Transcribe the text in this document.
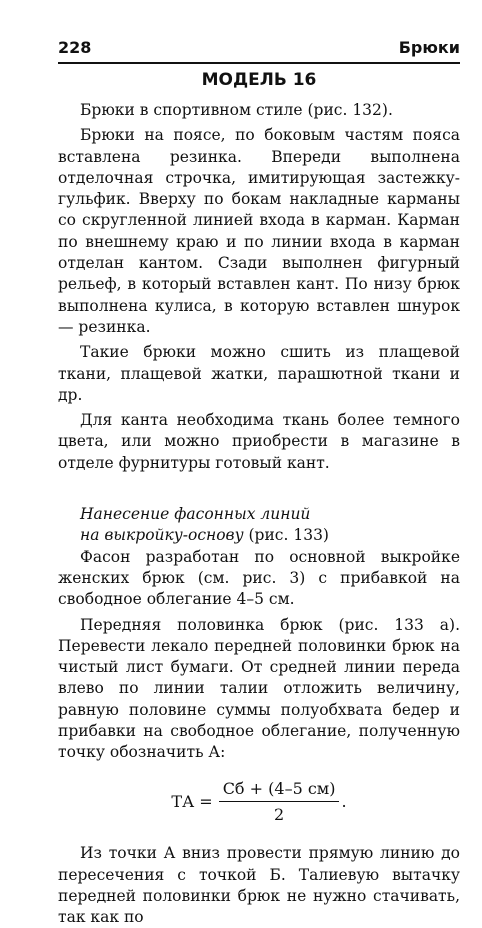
228	Брюки
МОДЕЛЬ 16

Брюки в спортивном стиле (рис. 132).

Брюки на поясе, по боковым частям пояса вставлена резинка. Впереди выполнена отделочная строчка, имитирующая застежку-гульфик. Вверху по бокам накладные карманы со скругленной линией входа в карман. Карман по внешнему краю и по линии входа в карман отделан кантом. Сзади выполнен фигурный рельеф, в который вставлен кант. По низу брюк выполнена кулиса, в которую вставлен шнурок — резинка.

Такие брюки можно сшить из плащевой ткани, плащевой жатки, парашютной ткани и др.

Для канта необходима ткань более темного цвета, или можно приобрести в магазине в отделе фурнитуры готовый кант.

Нанесение фасонных линий
на выкройку-основу (рис. 133)

Фасон разработан по основной выкройке женских брюк (см. рис. 3) с прибавкой на свободное облегание 4–5 см.

Передняя половинка брюк (рис. 133 а). Перевести лекало передней половинки брюк на чистый лист бумаги. От средней линии переда влево по линии талии отложить величину, равную половине суммы полуобхвата бедер и прибавки на свободное облегание, полученную точку обозначить А:

ТА = $\frac{Сб + (4-5 см)}{2}$ .

Из точки А вниз провести прямую линию до пересечения с точкой Б. Талиевую вытачку передней половинки брюк не нужно стачивать, так как по
